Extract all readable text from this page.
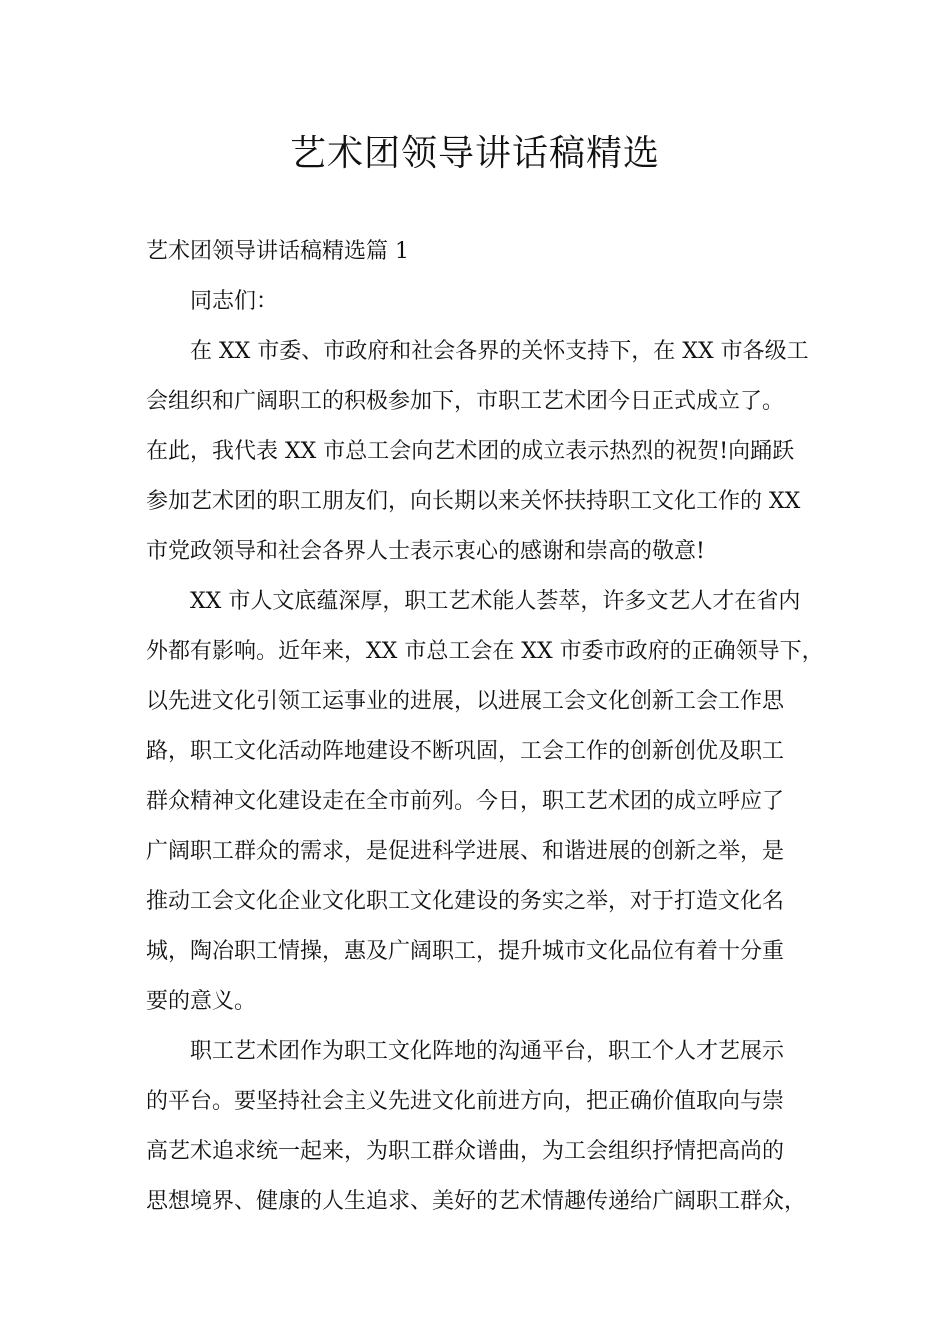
艺术团领导讲话稿精选
艺术团领导讲话稿精选篇 1
同志们：
在 XX 市委、市政府和社会各界的关怀支持下，在 XX 市各级工
会组织和广阔职工的积极参加下，市职工艺术团今日正式成立了。
在此，我代表 XX 市总工会向艺术团的成立表示热烈的祝贺!向踊跃
参加艺术团的职工朋友们，向长期以来关怀扶持职工文化工作的 XX
市党政领导和社会各界人士表示衷心的感谢和崇高的敬意!
XX 市人文底蕴深厚，职工艺术能人荟萃，许多文艺人才在省内
外都有影响。近年来，XX 市总工会在 XX 市委市政府的正确领导下，
以先进文化引领工运事业的进展，以进展工会文化创新工会工作思
路，职工文化活动阵地建设不断巩固，工会工作的创新创优及职工
群众精神文化建设走在全市前列。今日，职工艺术团的成立呼应了
广阔职工群众的需求，是促进科学进展、和谐进展的创新之举，是
推动工会文化企业文化职工文化建设的务实之举，对于打造文化名
城，陶冶职工情操，惠及广阔职工，提升城市文化品位有着十分重
要的意义。
职工艺术团作为职工文化阵地的沟通平台，职工个人才艺展示
的平台。要坚持社会主义先进文化前进方向，把正确价值取向与崇
高艺术追求统一起来，为职工群众谱曲，为工会组织抒情把高尚的
思想境界、健康的人生追求、美好的艺术情趣传递给广阔职工群众，
